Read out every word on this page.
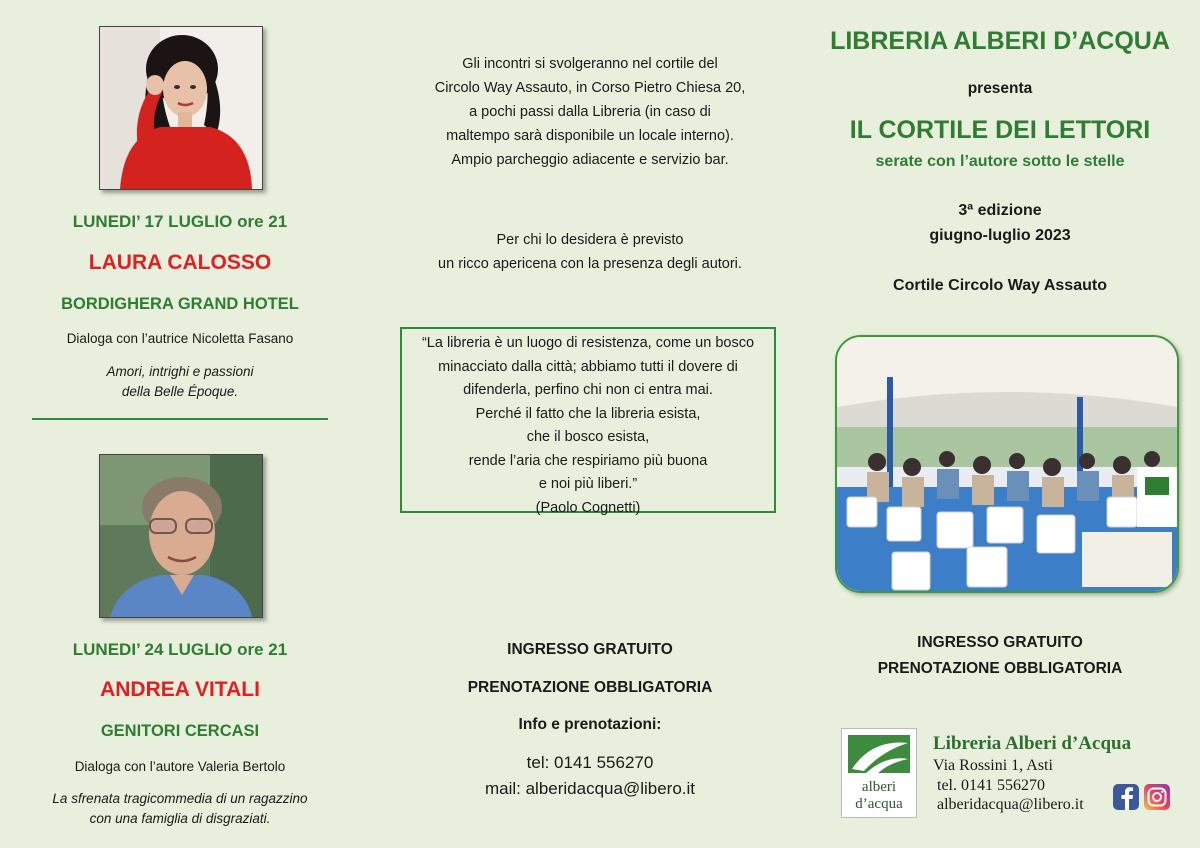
LUNEDI’ 17 LUGLIO ore 21
LAURA CALOSSO
BORDIGHERA GRAND HOTEL
Dialoga con l’autrice Nicoletta Fasano
Amori, intrighi e passioni
della Belle Époque.
LUNEDI’ 24 LUGLIO ore 21
ANDREA VITALI
GENITORI CERCASI
Dialoga con l’autore Valeria Bertolo
La sfrenata tragicommedia di un ragazzino
con una famiglia di disgraziati.
Gli incontri si svolgeranno nel cortile del
Circolo Way Assauto, in Corso Pietro Chiesa 20,
a pochi passi dalla Libreria (in caso di
maltempo sarà disponibile un locale interno).
Ampio parcheggio adiacente e servizio bar.
Per chi lo desidera è previsto
un ricco apericena con la presenza degli autori.
“La libreria è un luogo di resistenza, come un bosco
minacciato dalla città; abbiamo tutti il dovere di
difenderla, perfino chi non ci entra mai.
Perché il fatto che la libreria esista,
che il bosco esista,
rende l’aria che respiriamo più buona
e noi più liberi.”
(Paolo Cognetti)
INGRESSO GRATUITO
PRENOTAZIONE OBBLIGATORIA
Info e prenotazioni:
tel: 0141 556270
mail: alberidacqua@libero.it
LIBRERIA ALBERI D’ACQUA
presenta
IL CORTILE DEI LETTORI
serate con l’autore sotto le stelle
3ª edizione
giugno-luglio 2023
Cortile Circolo Way Assauto
INGRESSO GRATUITO
PRENOTAZIONE OBBLIGATORIA
alberi
d’acqua
Libreria Alberi d’Acqua
Via Rossini 1, Asti
tel. 0141 556270
alberidacqua@libero.it
